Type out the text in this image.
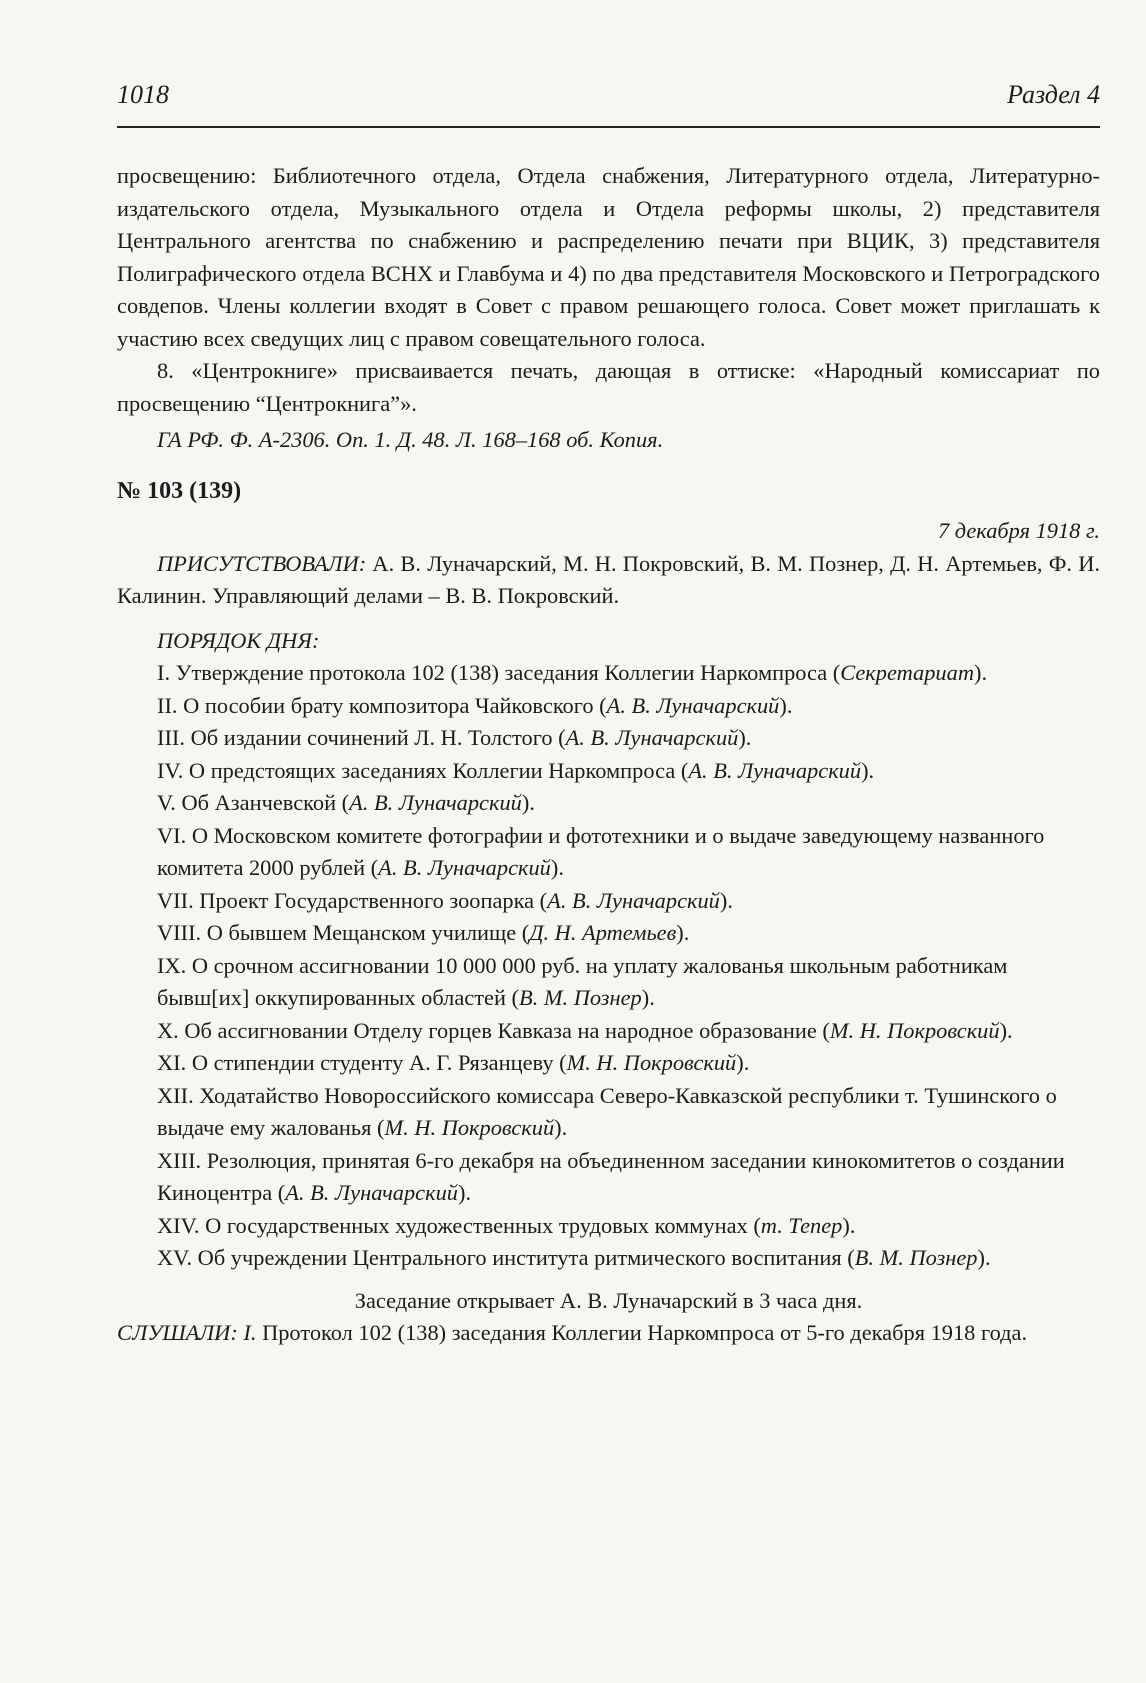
1018	Раздел 4

просвещению: Библиотечного отдела, Отдела снабжения, Литературного отдела, Литературно-издательского отдела, Музыкального отдела и Отдела реформы школы, 2) представителя Центрального агентства по снабжению и распределению печати при ВЦИК, 3) представителя Полиграфического отдела ВСНХ и Главбума и 4) по два представителя Московского и Петроградского совдепов. Члены коллегии входят в Совет с правом решающего голоса. Совет может приглашать к участию всех сведущих лиц с правом совещательного голоса.

8. «Центрокниге» присваивается печать, дающая в оттиске: «Народный комиссариат по просвещению “Центрокнига”».

ГА РФ. Ф. А-2306. Оп. 1. Д. 48. Л. 168–168 об. Копия.

№ 103 (139)

7 декабря 1918 г.

ПРИСУТСТВОВАЛИ: А. В. Луначарский, М. Н. Покровский, В. М. Познер, Д. Н. Артемьев, Ф. И. Калинин. Управляющий делами – В. В. Покровский.

ПОРЯДОК ДНЯ:

I. Утверждение протокола 102 (138) заседания Коллегии Наркомпроса (Секретариат).

II. О пособии брату композитора Чайковского (А. В. Луначарский).

III. Об издании сочинений Л. Н. Толстого (А. В. Луначарский).

IV. О предстоящих заседаниях Коллегии Наркомпроса (А. В. Луначарский).

V. Об Азанчевской (А. В. Луначарский).

VI. О Московском комитете фотографии и фототехники и о выдаче заведующему названного комитета 2000 рублей (А. В. Луначарский).

VII. Проект Государственного зоопарка (А. В. Луначарский).

VIII. О бывшем Мещанском училище (Д. Н. Артемьев).

IX. О срочном ассигновании 10 000 000 руб. на уплату жалованья школьным работникам бывш[их] оккупированных областей (В. М. Познер).

X. Об ассигновании Отделу горцев Кавказа на народное образование (М. Н. Покровский).

XI. О стипендии студенту А. Г. Рязанцеву (М. Н. Покровский).

XII. Ходатайство Новороссийского комиссара Северо-Кавказской республики т. Тушинского о выдаче ему жалованья (М. Н. Покровский).

XIII. Резолюция, принятая 6-го декабря на объединенном заседании кинокомитетов о создании Киноцентра (А. В. Луначарский).

XIV. О государственных художественных трудовых коммунах (т. Тепер).

XV. Об учреждении Центрального института ритмического воспитания (В. М. Познер).

Заседание открывает А. В. Луначарский в 3 часа дня.

СЛУШАЛИ: I. Протокол 102 (138) заседания Коллегии Наркомпроса от 5-го декабря 1918 года.
